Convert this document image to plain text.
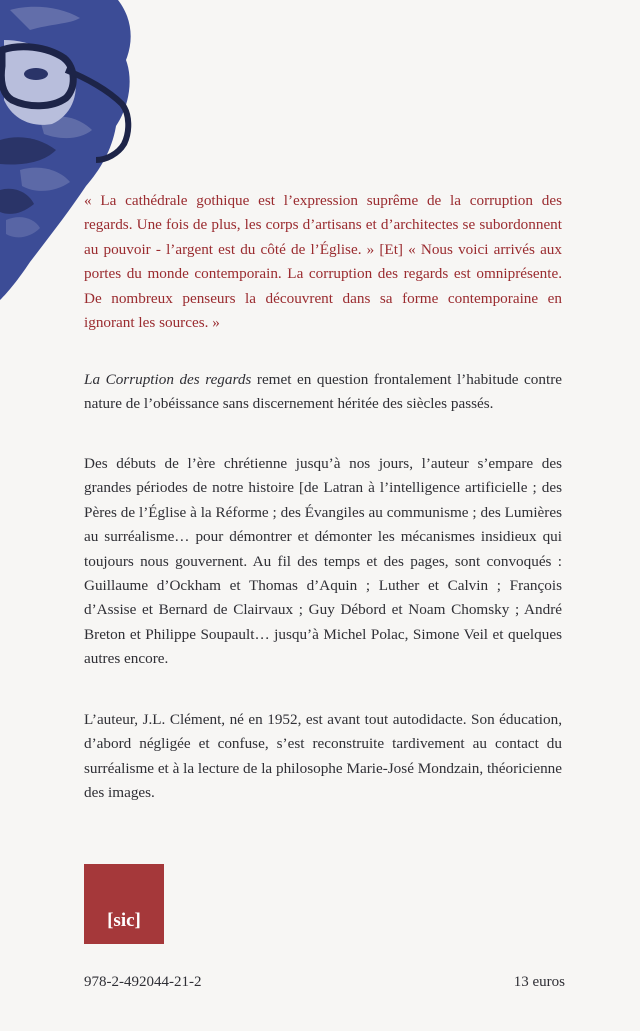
« La cathédrale gothique est l’expression suprême de la corruption des regards. Une fois de plus, les corps d’artisans et d’architectes se subordonnent au pouvoir - l’argent est du côté de l’Église. » [Et] « Nous voici arrivés aux portes du monde contemporain. La corruption des regards est omniprésente. De nombreux penseurs la découvrent dans sa forme contemporaine en ignorant les sources. »

La Corruption des regards remet en question frontalement l’habitude contre nature de l’obéissance sans discernement héritée des siècles passés.

Des débuts de l’ère chrétienne jusqu’à nos jours, l’auteur s’empare des grandes périodes de notre histoire [de Latran à l’intelligence artificielle ; des Pères de l’Église à la Réforme ; des Évangiles au communisme ; des Lumières au surréalisme… pour démontrer et démonter les mécanismes insidieux qui toujours nous gouvernent. Au fil des temps et des pages, sont convoqués : Guillaume d’Ockham et Thomas d’Aquin ; Luther et Calvin ; François d’Assise et Bernard de Clairvaux ; Guy Débord et Noam Chomsky ; André Breton et Philippe Soupault… jusqu’à Michel Polac, Simone Veil et quelques autres encore.

L’auteur, J.L. Clément, né en 1952, est avant tout autodidacte. Son éducation, d’abord négligée et confuse, s’est reconstruite tardivement au contact du surréalisme et à la lecture de la philosophe Marie-José Mondzain, théoricienne des images.

[sic]
978-2-492044-21-2	13 euros
